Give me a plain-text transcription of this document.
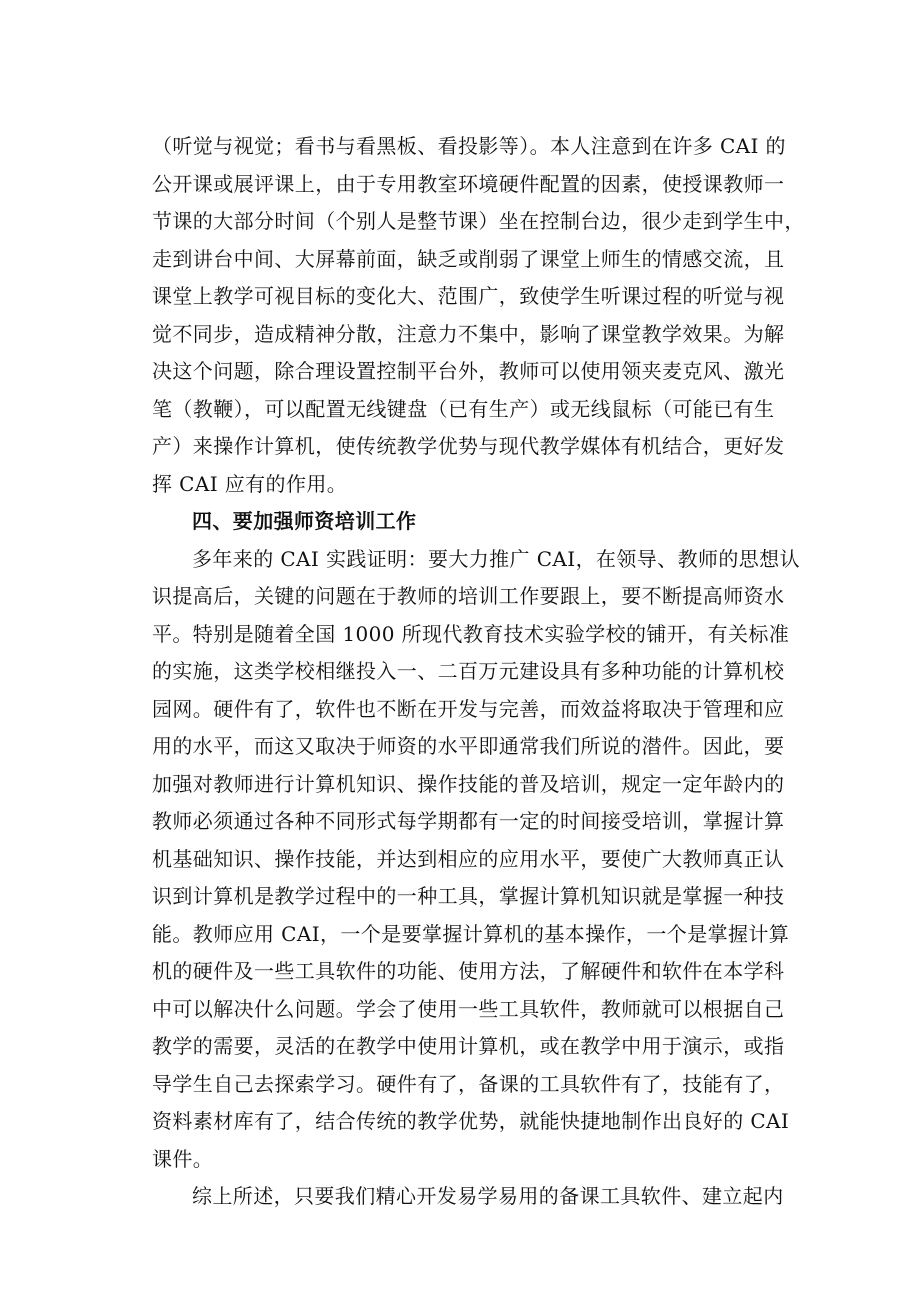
（听觉与视觉；看书与看黑板、看投影等）。本人注意到在许多 CAI 的
公开课或展评课上，由于专用教室环境硬件配置的因素，使授课教师一
节课的大部分时间（个别人是整节课）坐在控制台边，很少走到学生中，
走到讲台中间、大屏幕前面，缺乏或削弱了课堂上师生的情感交流，且
课堂上教学可视目标的变化大、范围广，致使学生听课过程的听觉与视
觉不同步，造成精神分散，注意力不集中，影响了课堂教学效果。为解
决这个问题，除合理设置控制平台外，教师可以使用领夹麦克风、激光
笔（教鞭），可以配置无线键盘（已有生产）或无线鼠标（可能已有生
产）来操作计算机，使传统教学优势与现代教学媒体有机结合，更好发
挥 CAI 应有的作用。
四、要加强师资培训工作
多年来的 CAI 实践证明：要大力推广 CAI，在领导、教师的思想认
识提高后，关键的问题在于教师的培训工作要跟上，要不断提高师资水
平。特别是随着全国 1000 所现代教育技术实验学校的铺开，有关标准
的实施，这类学校相继投入一、二百万元建设具有多种功能的计算机校
园网。硬件有了，软件也不断在开发与完善，而效益将取决于管理和应
用的水平，而这又取决于师资的水平即通常我们所说的潜件。因此，要
加强对教师进行计算机知识、操作技能的普及培训，规定一定年龄内的
教师必须通过各种不同形式每学期都有一定的时间接受培训，掌握计算
机基础知识、操作技能，并达到相应的应用水平，要使广大教师真正认
识到计算机是教学过程中的一种工具，掌握计算机知识就是掌握一种技
能。教师应用 CAI，一个是要掌握计算机的基本操作，一个是掌握计算
机的硬件及一些工具软件的功能、使用方法，了解硬件和软件在本学科
中可以解决什么问题。学会了使用一些工具软件，教师就可以根据自己
教学的需要，灵活的在教学中使用计算机，或在教学中用于演示，或指
导学生自己去探索学习。硬件有了，备课的工具软件有了，技能有了，
资料素材库有了，结合传统的教学优势，就能快捷地制作出良好的 CAI
课件。
综上所述，只要我们精心开发易学易用的备课工具软件、建立起内
